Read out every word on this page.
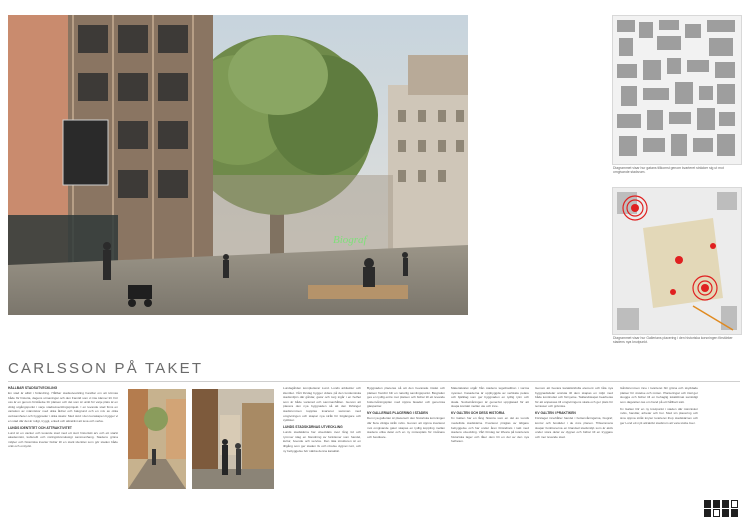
Biograf
Diagrammet visar hur gatans tillkomst genom kvarteret sträcker sig ut mot omgivande stadsrum.
Diagrammet visar hur Gallerians placering i den historiska korsningen förstärker stadens nya knutpunkt.
CARLSSON PÅ TAKET
HÅLLBAR STADSUTVECKLING

En stad är alltid i förändring. Hållbar stadsutveckling handlar om att tvinnas både för historia, dagens utmaningar och den framtid som vi inte känner till. För oss är en genom förståelse för platsen och det som är unikt för varje plats är en viktig utgångspunkt i varje stadsutvecklingsprojekt. I en levande stad finns en variation av människor med olika åldrar och bakgrund och en mix av olika verksamheter och byggnader i olika skalor. Med stöd i den kunskapen bygger vi en stad där det är roligt, tryggt, enkelt och attraktivt att leva och verka.

LUNDS IDENTITET OCH ATTRAKTIVITET

Lund är en vacker och levande stad med ett stort historiskt arv och ett starkt akademiskt, kulturellt och näringslivsmässigt sammanhang. Stadens gröna miljöer och historiska kvarter bidrar till en stark identitet som gör staden både unik och omtyckt.

Lundagården kompletterar Lund. Lunds arkitektur och identitet. Vårt förslag bygger vidare på den lundensiska stadsmiljön där gårdar, gator och torg ingår i en helhet som är både varierad och sammanhållen. Genom att placera den nya byggnaden så att den förlänger stadsrummen kopplas kvarteret samman med omgivningen och skapar nya stråk för fotgängare och cyklister.

LUNDS STADSKÄRNAS UTVECKLING

Lunds stadskärna har utvecklats över lång tid och rymmer idag en blandning av funktioner som handel, kultur, boende och service. Den täta strukturen är en tillgång som ger staden liv och rörelse dygnet runt, och ny bebyggelse bör stärka denna karaktär.

Byggnaden placeras så att den bevarade trädet och platsen framför blir en naturlig samlingspunkt. Biografen ges en tydlig entré mot platsen och bidrar till ett levande bottenvåningsplan med öppna fasader och generösa glaspartier.

NY GALLERIAS PLACERING I STADEN

Den nya gallerian är placerad i den historiska korsningen där flera viktiga stråk möts. Genom att öppna kvarteret mot omgivande gator skapas en tydlig koppling mellan stadens olika delar och en ny mötesplats för invånare och besökare.

Materialvalet utgår från stadens tegeltradition i varma nyanser. Fasaderna är uppbyggda av vertikala pelare och bjälklag som ger byggnaden en tydlig rytm och skala. Sockelvåningen är generöst uppglasad för att skapa kontakt mellan ute och inne.

KV GALTEN OCH DESS HISTORIA

Kv Galten har en lång historia som en del av Lunds medeltida stadskärna. Kvarteret präglas av tidigare bebyggelse och har under åren förändrats i takt med stadens utveckling. Vårt förslag tar tillvara på kvarterets historiska lager och låter dem bli en del av den nya helheten.

Genom att bevara karaktärsfulla element och låta nya byggnadsdelar ansluta till dem skapas en miljö med både kontinuitet och förnyelse. Taklandskapet bearbetas för att anpassas till omgivningens skala och ger plats för terrasser och grönska.

KV GALTEN I PRAKTIKEN

Förslaget innehåller handel i bottenvåningarna, biograf, kontor och bostäder i de övre planen. Tillsammans skapar funktionerna en blandad stadsmiljö som är aktiv under stora delar av dygnet och bidrar till en tryggare och mer levande stad.

Gårdsrummen inne i kvarteret blir gröna och skyddade platser för vistelse och möten. Planteringar och träd ger skugga och bidrar till en behaglig lokalklimat samtidigt som dagvatten tas om hand på ett hållbart sätt.

Kv Galten blir en ny knutpunkt i staden där människor möts, handlar, arbetar och bor. Med sin placering och sina öppna stråk knyter kvarteret ihop stadskärnan och ger Lund ett nytt attraktivt stadsrum att vara stolta över.
